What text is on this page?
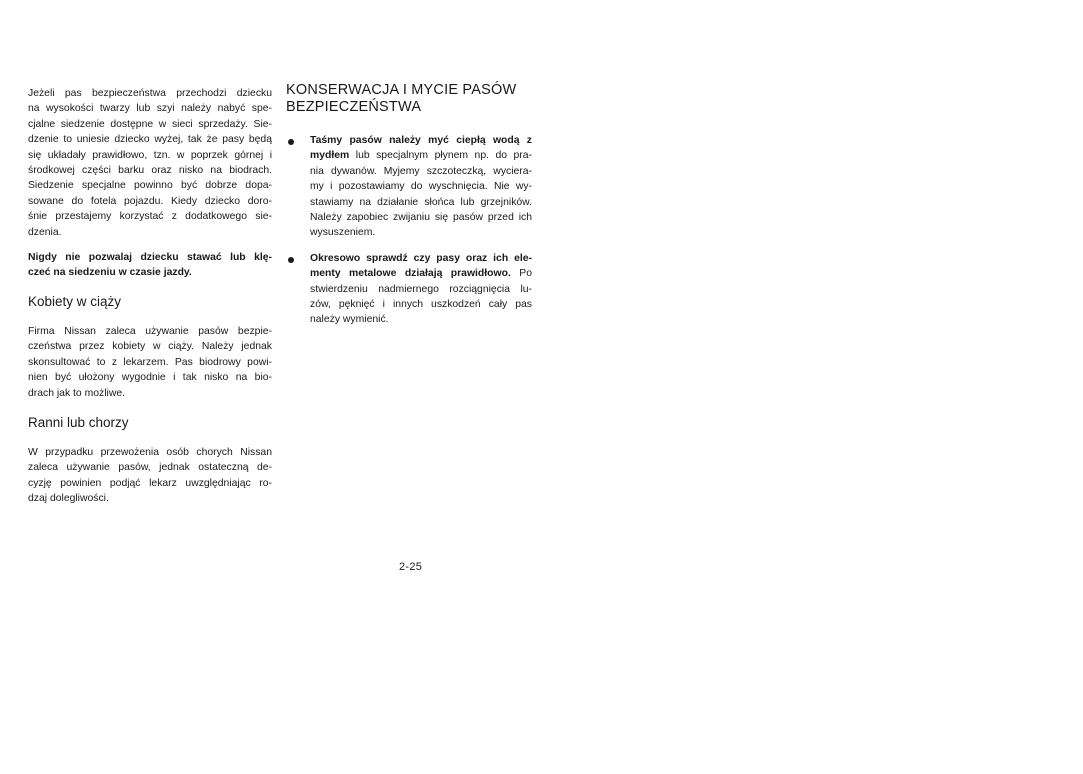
Jeżeli pas bezpieczeństwa przechodzi dziecku
na wysokości twarzy lub szyi należy nabyć spe-
cjalne siedzenie dostępne w sieci sprzedaży. Sie-
dzenie to uniesie dziecko wyżej, tak że pasy będą
się układały prawidłowo, tzn. w poprzek górnej i
środkowej części barku oraz nisko na biodrach.
Siedzenie specjalne powinno być dobrze dopa-
sowane do fotela pojazdu. Kiedy dziecko doro-
śnie przestajemy korzystać z dodatkowego sie-
dzenia.

Nigdy nie pozwalaj dziecku stawać lub klę-
czeć na siedzeniu w czasie jazdy.

Kobiety w ciąży

Firma Nissan zaleca używanie pasów bezpie-
czeństwa przez kobiety w ciąży. Należy jednak
skonsultować to z lekarzem. Pas biodrowy powi-
nien być ułożony wygodnie i tak nisko na bio-
drach jak to możliwe.

Ranni lub chorzy

W przypadku przewożenia osób chorych Nissan
zaleca używanie pasów, jednak ostateczną de-
cyzję powinien podjąć lekarz uwzględniając ro-
dzaj dolegliwości.

KONSERWACJA I MYCIE PASÓW
BEZPIECZEŃSTWA

Taśmy pasów należy myć ciepłą wodą z
mydłem lub specjalnym płynem np. do pra-
nia dywanów. Myjemy szczoteczką, wyciera-
my i pozostawiamy do wyschnięcia. Nie wy-
stawiamy na działanie słońca lub grzejników.
Należy zapobiec zwijaniu się pasów przed ich
wysuszeniem.

Okresowo sprawdź czy pasy oraz ich ele-
menty metalowe działają prawidłowo. Po
stwierdzeniu nadmiernego rozciągnięcia lu-
zów, pęknięć i innych uszkodzeń cały pas
należy wymienić.

2-25
